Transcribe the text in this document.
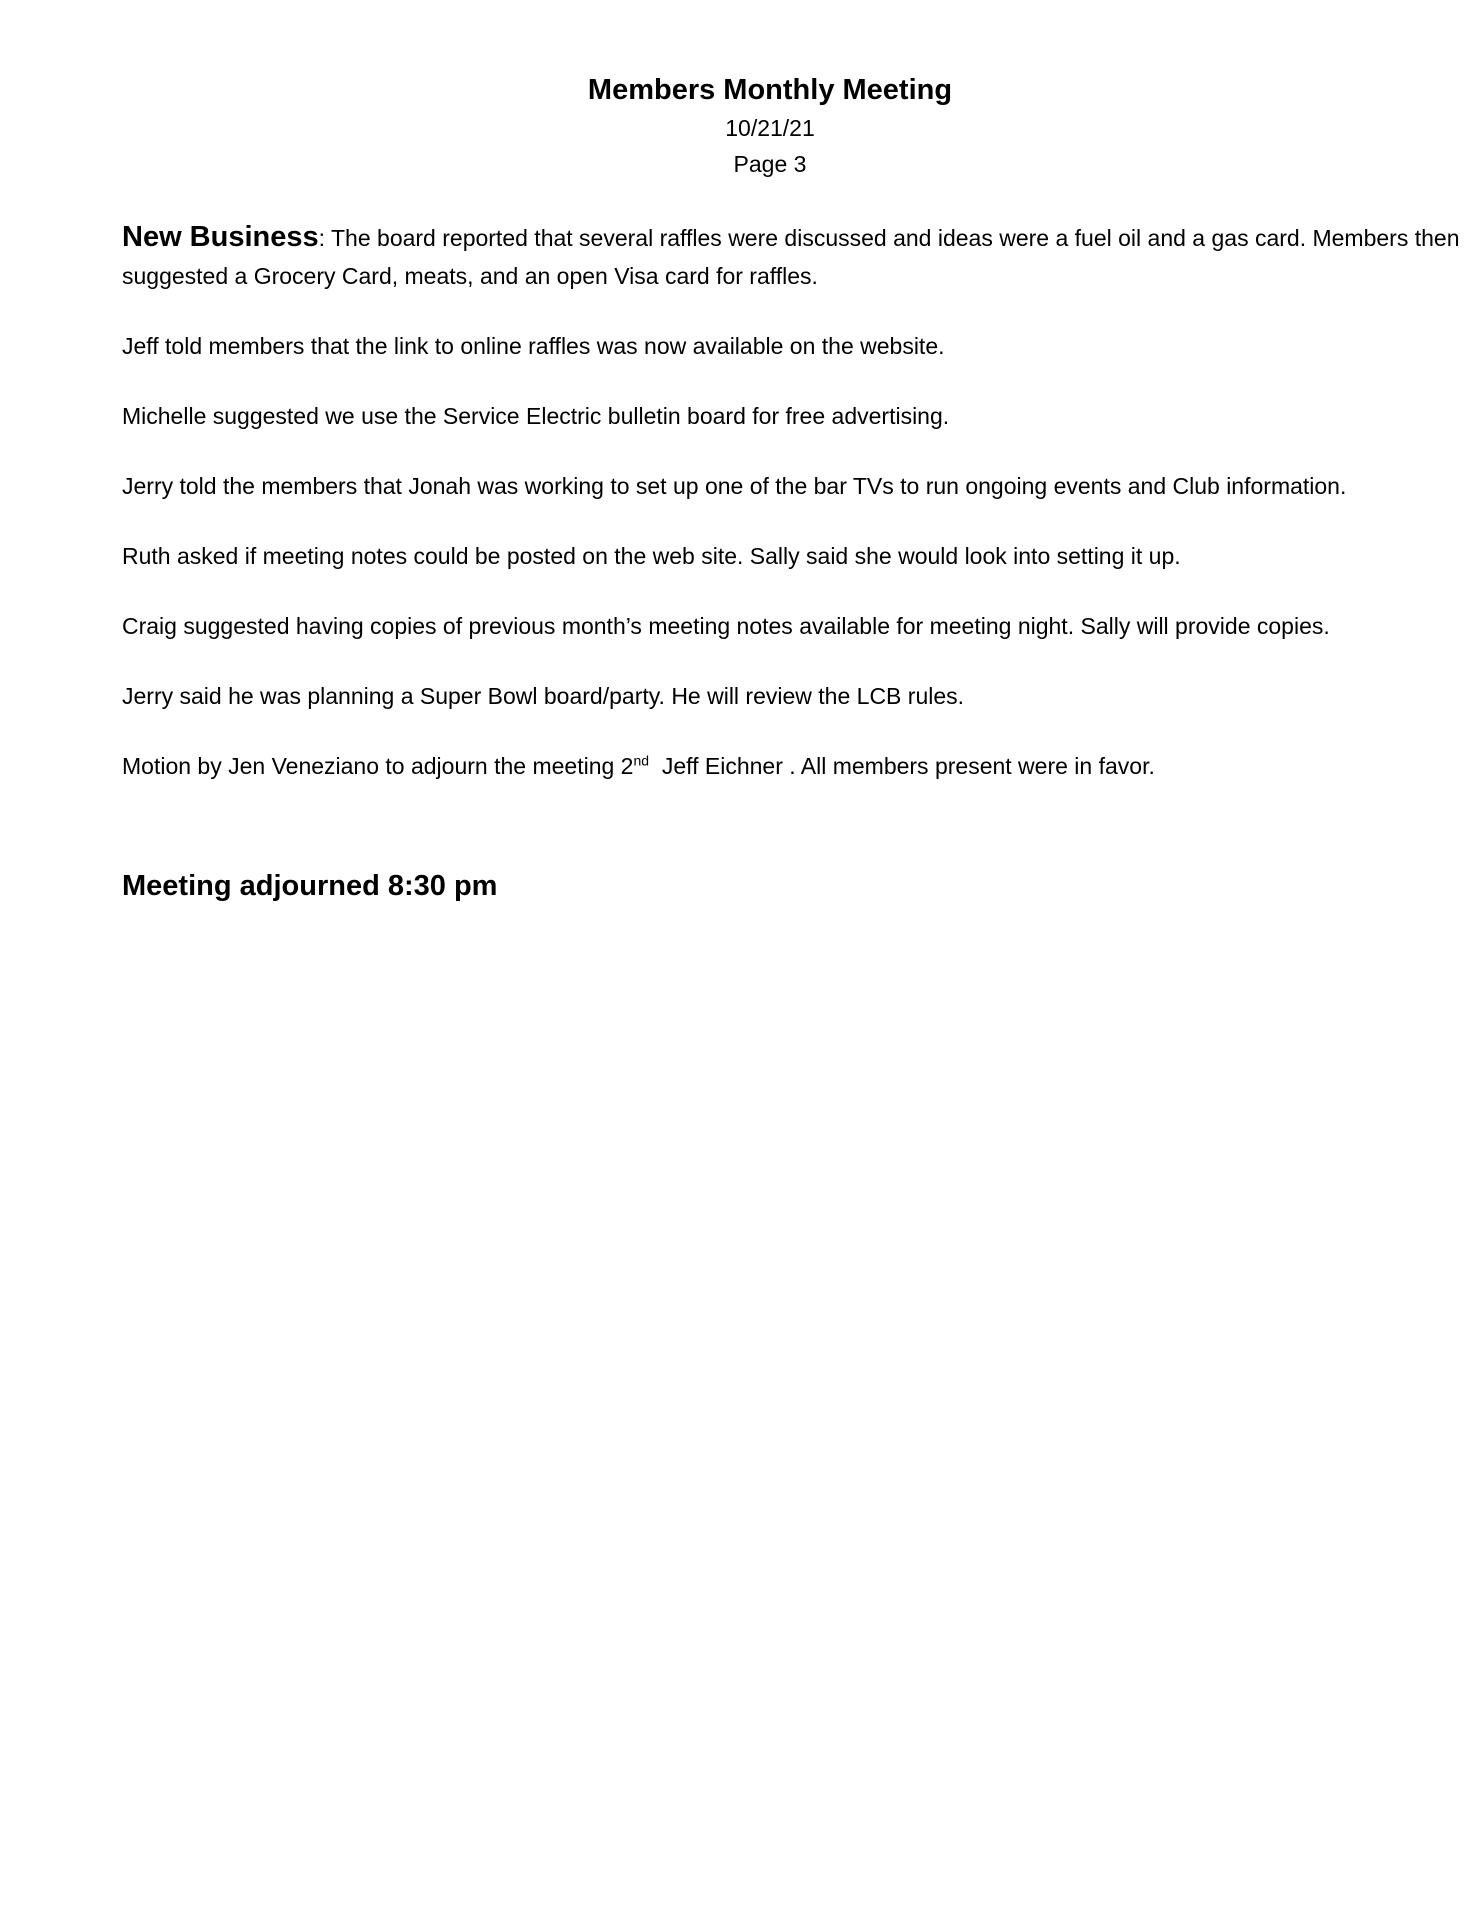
Members Monthly Meeting

10/21/21

Page 3

New Business: The board reported that several raffles were discussed and ideas were a fuel oil and a gas card. Members then suggested a Grocery Card, meats, and an open Visa card for raffles.

Jeff told members that the link to online raffles was now available on the website.

Michelle suggested we use the Service Electric bulletin board for free advertising.

Jerry told the members that Jonah was working to set up one of the bar TVs to run ongoing events and Club information.

Ruth asked if meeting notes could be posted on the web site. Sally said she would look into setting it up.

Craig suggested having copies of previous month’s meeting notes available for meeting night. Sally will provide copies.

Jerry said he was planning a Super Bowl board/party. He will review the LCB rules.

Motion by Jen Veneziano to adjourn the meeting 2nd  Jeff Eichner . All members present were in favor.

Meeting adjourned 8:30 pm
